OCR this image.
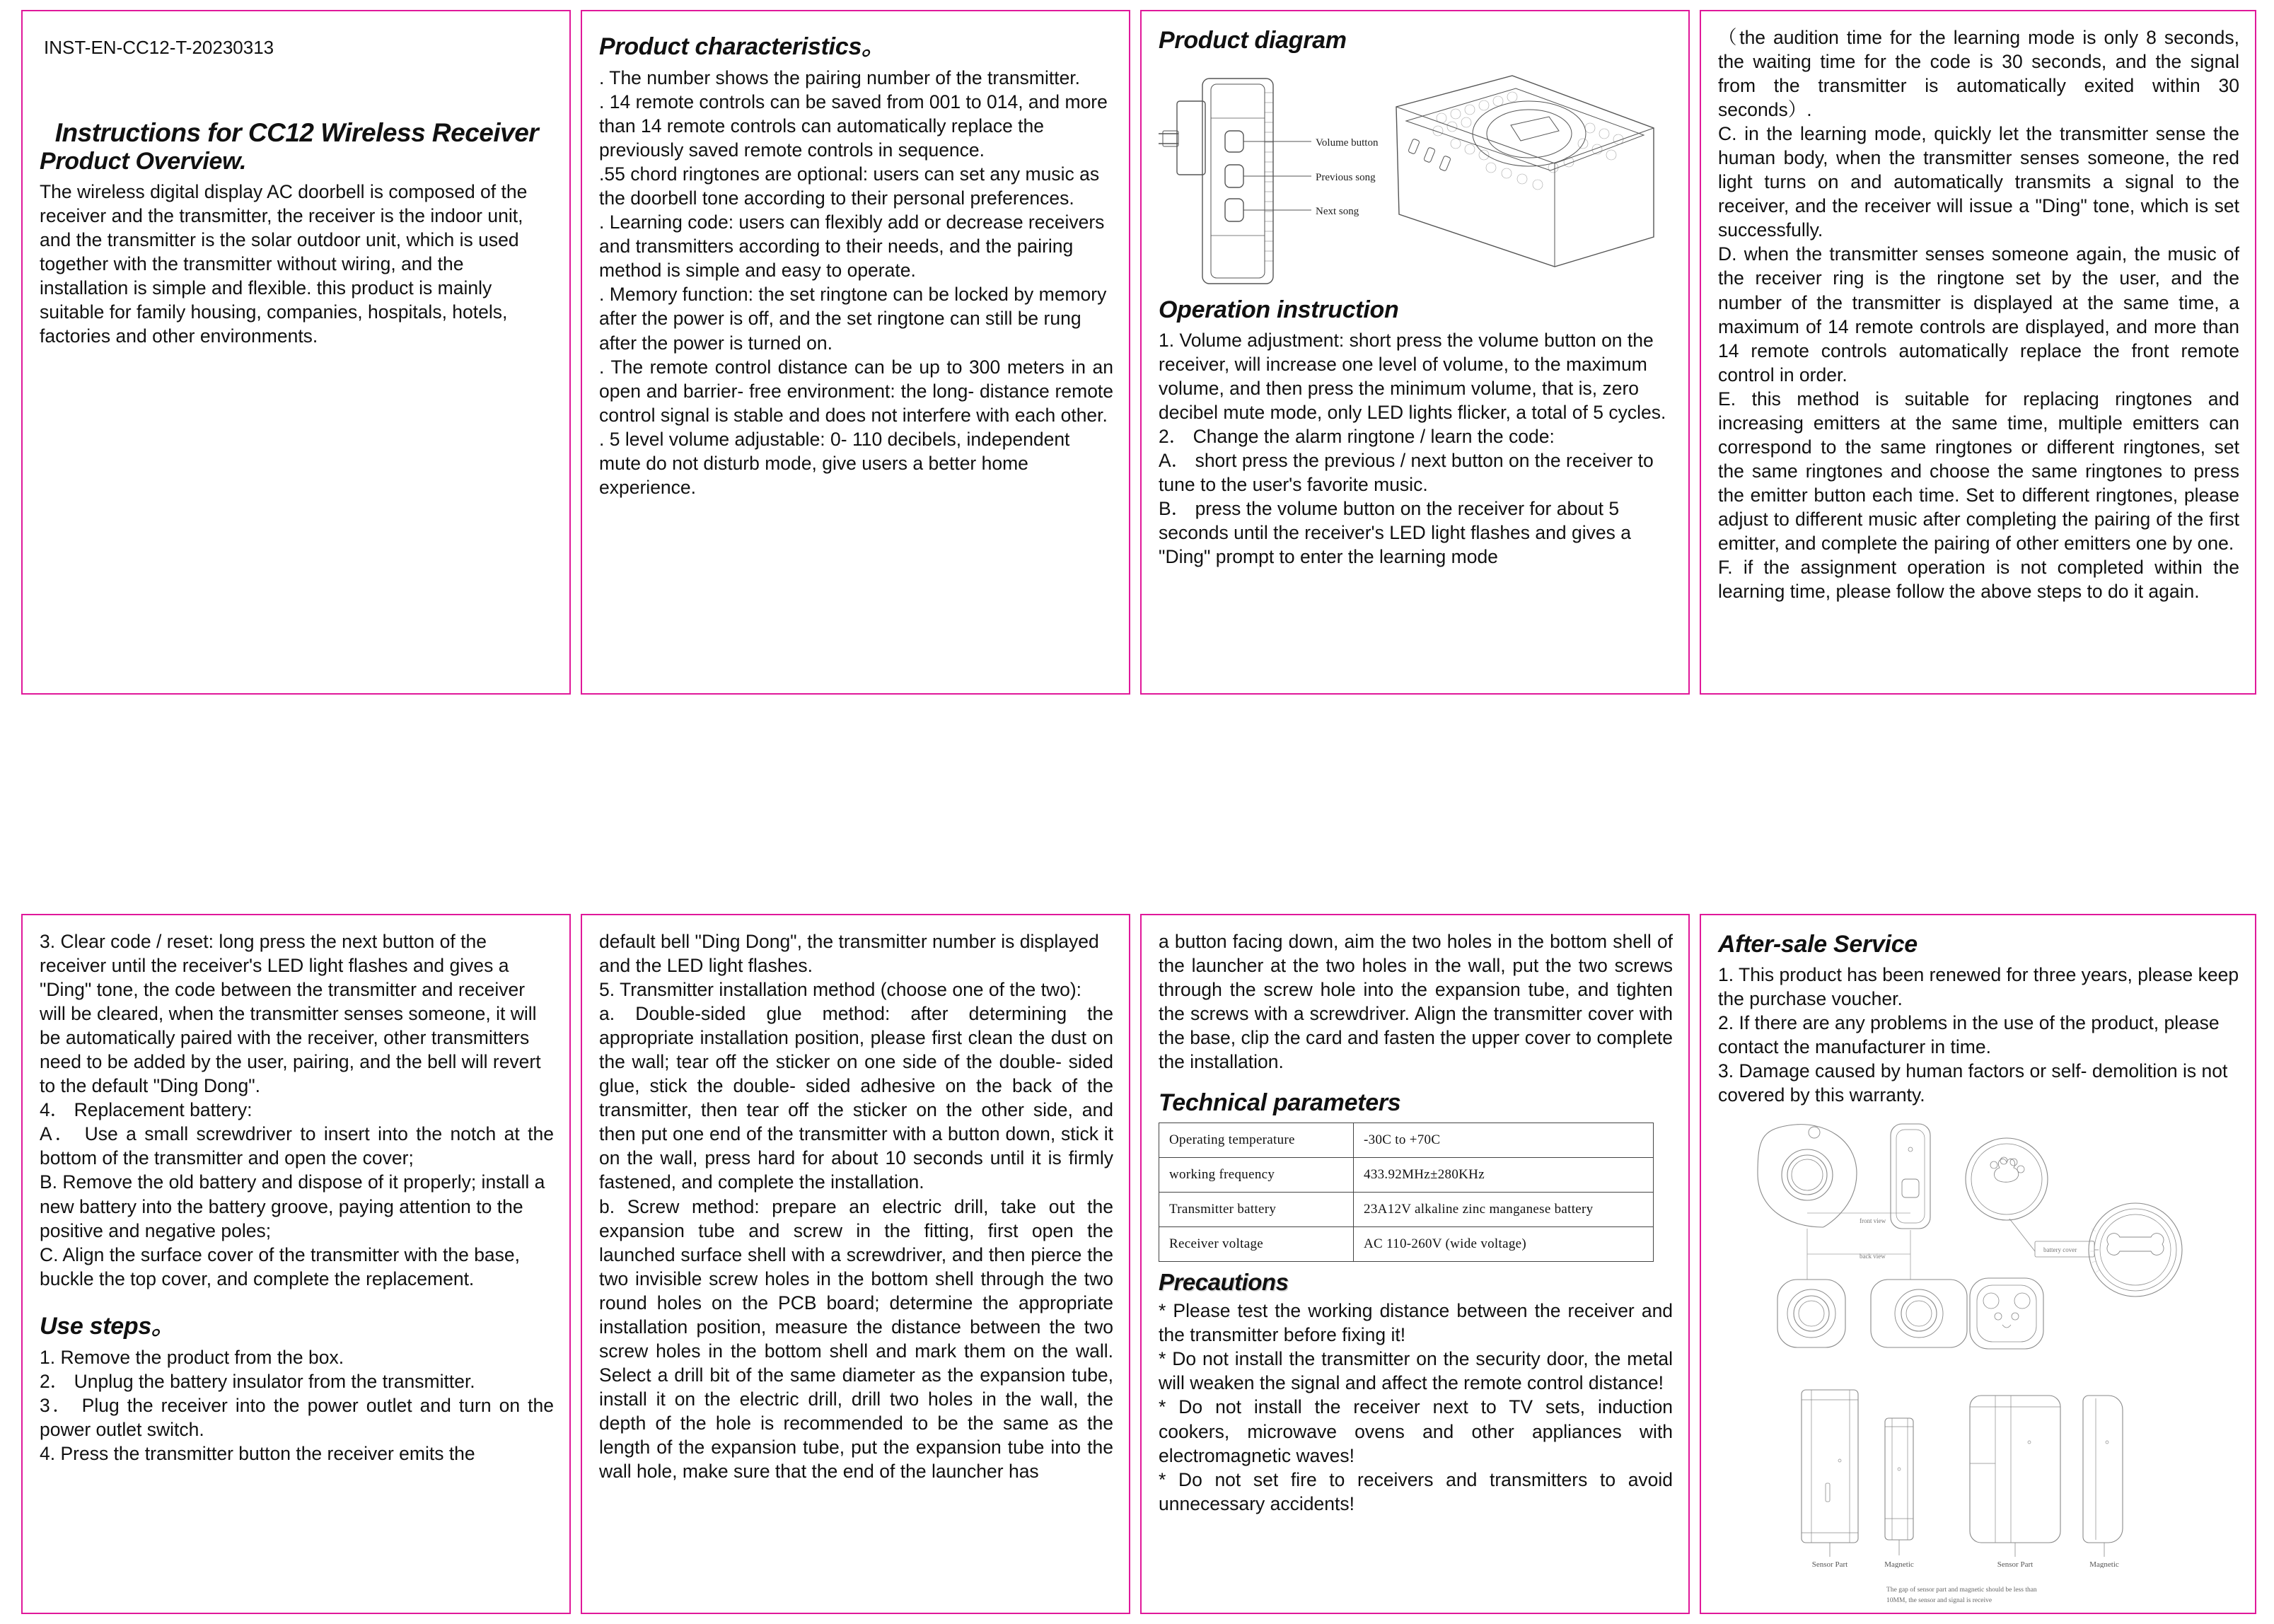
INST-EN-CC12-T-20230313
Instructions for CC12 Wireless Receiver
Product Overview.

The wireless digital display AC doorbell is composed of the receiver and the transmitter, the receiver is the indoor unit, and the transmitter is the solar outdoor unit, which is used together with the transmitter without wiring, and the installation is simple and flexible. this product is mainly suitable for family housing, companies, hospitals, hotels, factories and other environments.

Product characteristics。

. The number shows the pairing number of the transmitter.

. 14 remote controls can be saved from 001 to 014, and more than 14 remote controls can automatically replace the previously saved remote controls in sequence.

.55 chord ringtones are optional: users can set any music as the doorbell tone according to their personal preferences.

. Learning code: users can flexibly add or decrease receivers and transmitters according to their needs, and the pairing method is simple and easy to operate.

. Memory function: the set ringtone can be locked by memory after the power is off, and the set ringtone can still be rung after the power is turned on.

. The remote control distance can be up to 300 meters in an open and barrier- free environment: the long- distance remote control signal is stable and does not interfere with each other.

. 5 level volume adjustable: 0- 110 decibels, independent mute do not disturb mode, give users a better home experience.

Product diagram
Volume button
Previous song
Next song
Operation instruction

1. Volume adjustment: short press the volume button on the receiver, will increase one level of volume, to the maximum volume, and then press the minimum volume, that is, zero decibel mute mode, only LED lights flicker, a total of 5 cycles.

2． Change the alarm ringtone / learn the code:

A． short press the previous / next button on the receiver to tune to the user's favorite music.

B． press the volume button on the receiver for about 5 seconds until the receiver's LED light flashes and gives a "Ding" prompt to enter the learning mode

（the audition time for the learning mode is only 8 seconds, the waiting time for the code is 30 seconds, and the signal from the transmitter is automatically exited within 30 seconds）.

C. in the learning mode, quickly let the transmitter sense the human body, when the transmitter senses someone, the red light turns on and automatically transmits a signal to the receiver, and the receiver will issue a "Ding" tone, which is set successfully.

D. when the transmitter senses someone again, the music of the receiver ring is the ringtone set by the user, and the number of the transmitter is displayed at the same time, a maximum of 14 remote controls are displayed, and more than 14 remote controls automatically replace the front remote control in order.

E. this method is suitable for replacing ringtones and increasing emitters at the same time, multiple emitters can correspond to the same ringtones or different ringtones, set the same ringtones and choose the same ringtones to press the emitter button each time. Set to different ringtones, please adjust to different music after completing the pairing of the first emitter, and complete the pairing of other emitters one by one.

F. if the assignment operation is not completed within the learning time, please follow the above steps to do it again.

3. Clear code / reset: long press the next button of the receiver until the receiver's LED light flashes and gives a "Ding" tone, the code between the transmitter and receiver will be cleared, when the transmitter senses someone, it will be automatically paired with the receiver, other transmitters need to be added by the user, pairing, and the bell will revert to the default "Ding Dong".

4． Replacement battery:

A． Use a small screwdriver to insert into the notch at the bottom of the transmitter and open the cover;

B. Remove the old battery and dispose of it properly; install a new battery into the battery groove, paying attention to the positive and negative poles;

C. Align the surface cover of the transmitter with the base, buckle the top cover, and complete the replacement.

Use steps。

1. Remove the product from the box.

2． Unplug the battery insulator from the transmitter.

3． Plug the receiver into the power outlet and turn on the power outlet switch.

4. Press the transmitter button the receiver emits the

default bell "Ding Dong", the transmitter number is displayed and the LED light flashes.

5. Transmitter installation method (choose one of the two):

a. Double-sided glue method: after determining the appropriate installation position, please first clean the dust on the wall; tear off the sticker on one side of the double- sided glue, stick the double- sided adhesive on the back of the transmitter, then tear off the sticker on the other side, and then put one end of the transmitter with a button down, stick it on the wall, press hard for about 10 seconds until it is firmly fastened, and complete the installation.

b. Screw method: prepare an electric drill, take out the expansion tube and screw in the fitting, first open the launched surface shell with a screwdriver, and then pierce the two invisible screw holes in the bottom shell through the two round holes on the PCB board; determine the appropriate installation position, measure the distance between the two screw holes in the bottom shell and mark them on the wall. Select a drill bit of the same diameter as the expansion tube, install it on the electric drill, drill two holes in the wall, the depth of the hole is recommended to be the same as the length of the expansion tube, put the expansion tube into the wall hole, make sure that the end of the launcher has

a button facing down, aim the two holes in the bottom shell of the launcher at the two holes in the wall, put the two screws through the screw hole into the expansion tube, and tighten the screws with a screwdriver. Align the transmitter cover with the base, clip the card and fasten the upper cover to complete the installation.

Technical parameters
Operating temperature	-30C to +70C
working frequency	433.92MHz±280KHz
Transmitter battery	23A12V alkaline zinc manganese battery
Receiver voltage	AC 110-260V (wide voltage)
Precautions

* Please test the working distance between the receiver and the transmitter before fixing it!

* Do not install the transmitter on the security door, the metal will weaken the signal and affect the remote control distance!

* Do not install the receiver next to TV sets, induction cookers, microwave ovens and other appliances with electromagnetic waves!

* Do not set fire to receivers and transmitters to avoid unnecessary accidents!

After-sale Service

1. This product has been renewed for three years, please keep the purchase voucher.

2. If there are any problems in the use of the product, please contact the manufacturer in time.

3. Damage caused by human factors or self- demolition is not covered by this warranty.

Sensor Part	Magnetic	Sensor Part	Magnetic
battery cover
front view
back view
The gap of sensor part and magnetic should be less than 10MM, the sensor and signal is receive
